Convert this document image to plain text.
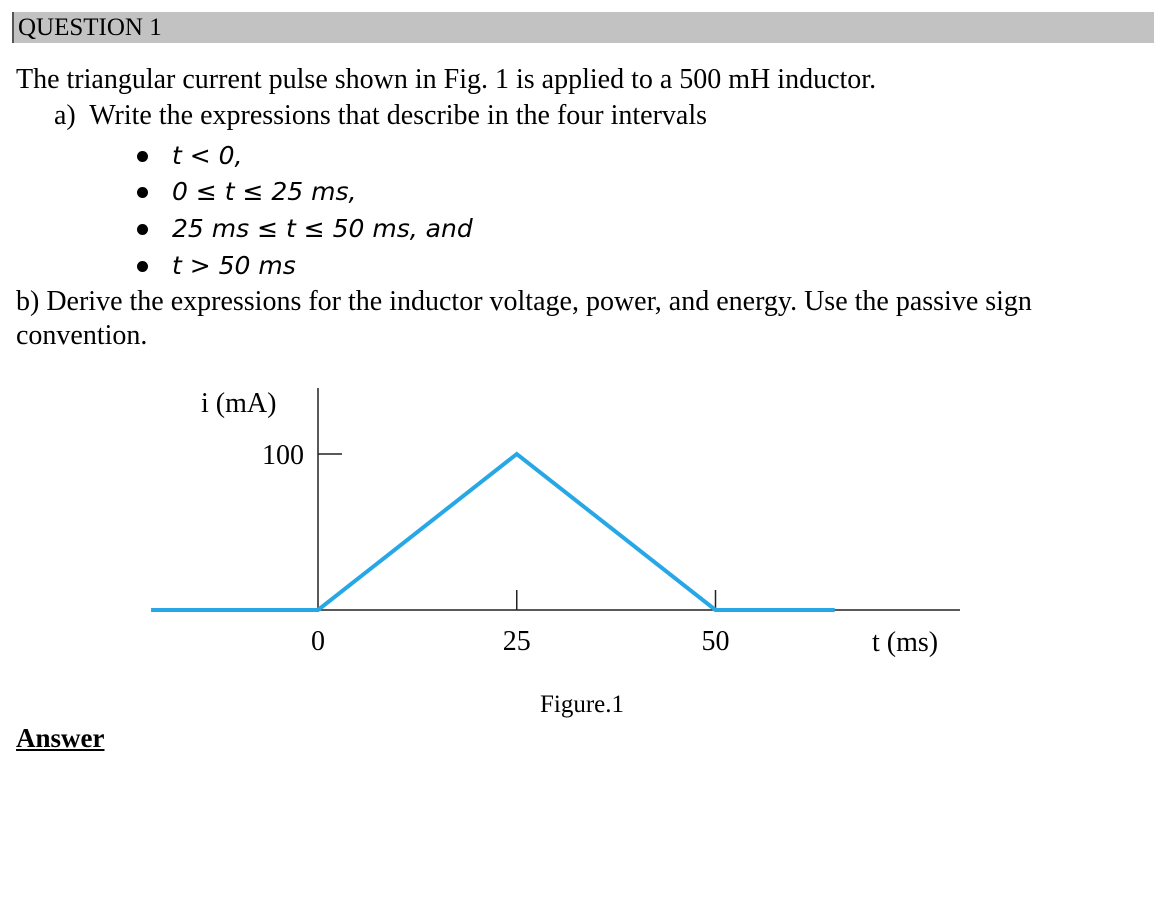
QUESTION 1
The triangular current pulse shown in Fig. 1 is applied to a 500 mH inductor.
a)  Write the expressions that describe in the four intervals
t < 0,
0 ≤ t ≤ 25 ms,
25 ms ≤ t ≤ 50 ms, and
t > 50 ms
b) Derive the expressions for the inductor voltage, power, and energy. Use the passive sign
convention.
i (mA)
t (ms)
100
0	25	50
Figure.1
Answer
